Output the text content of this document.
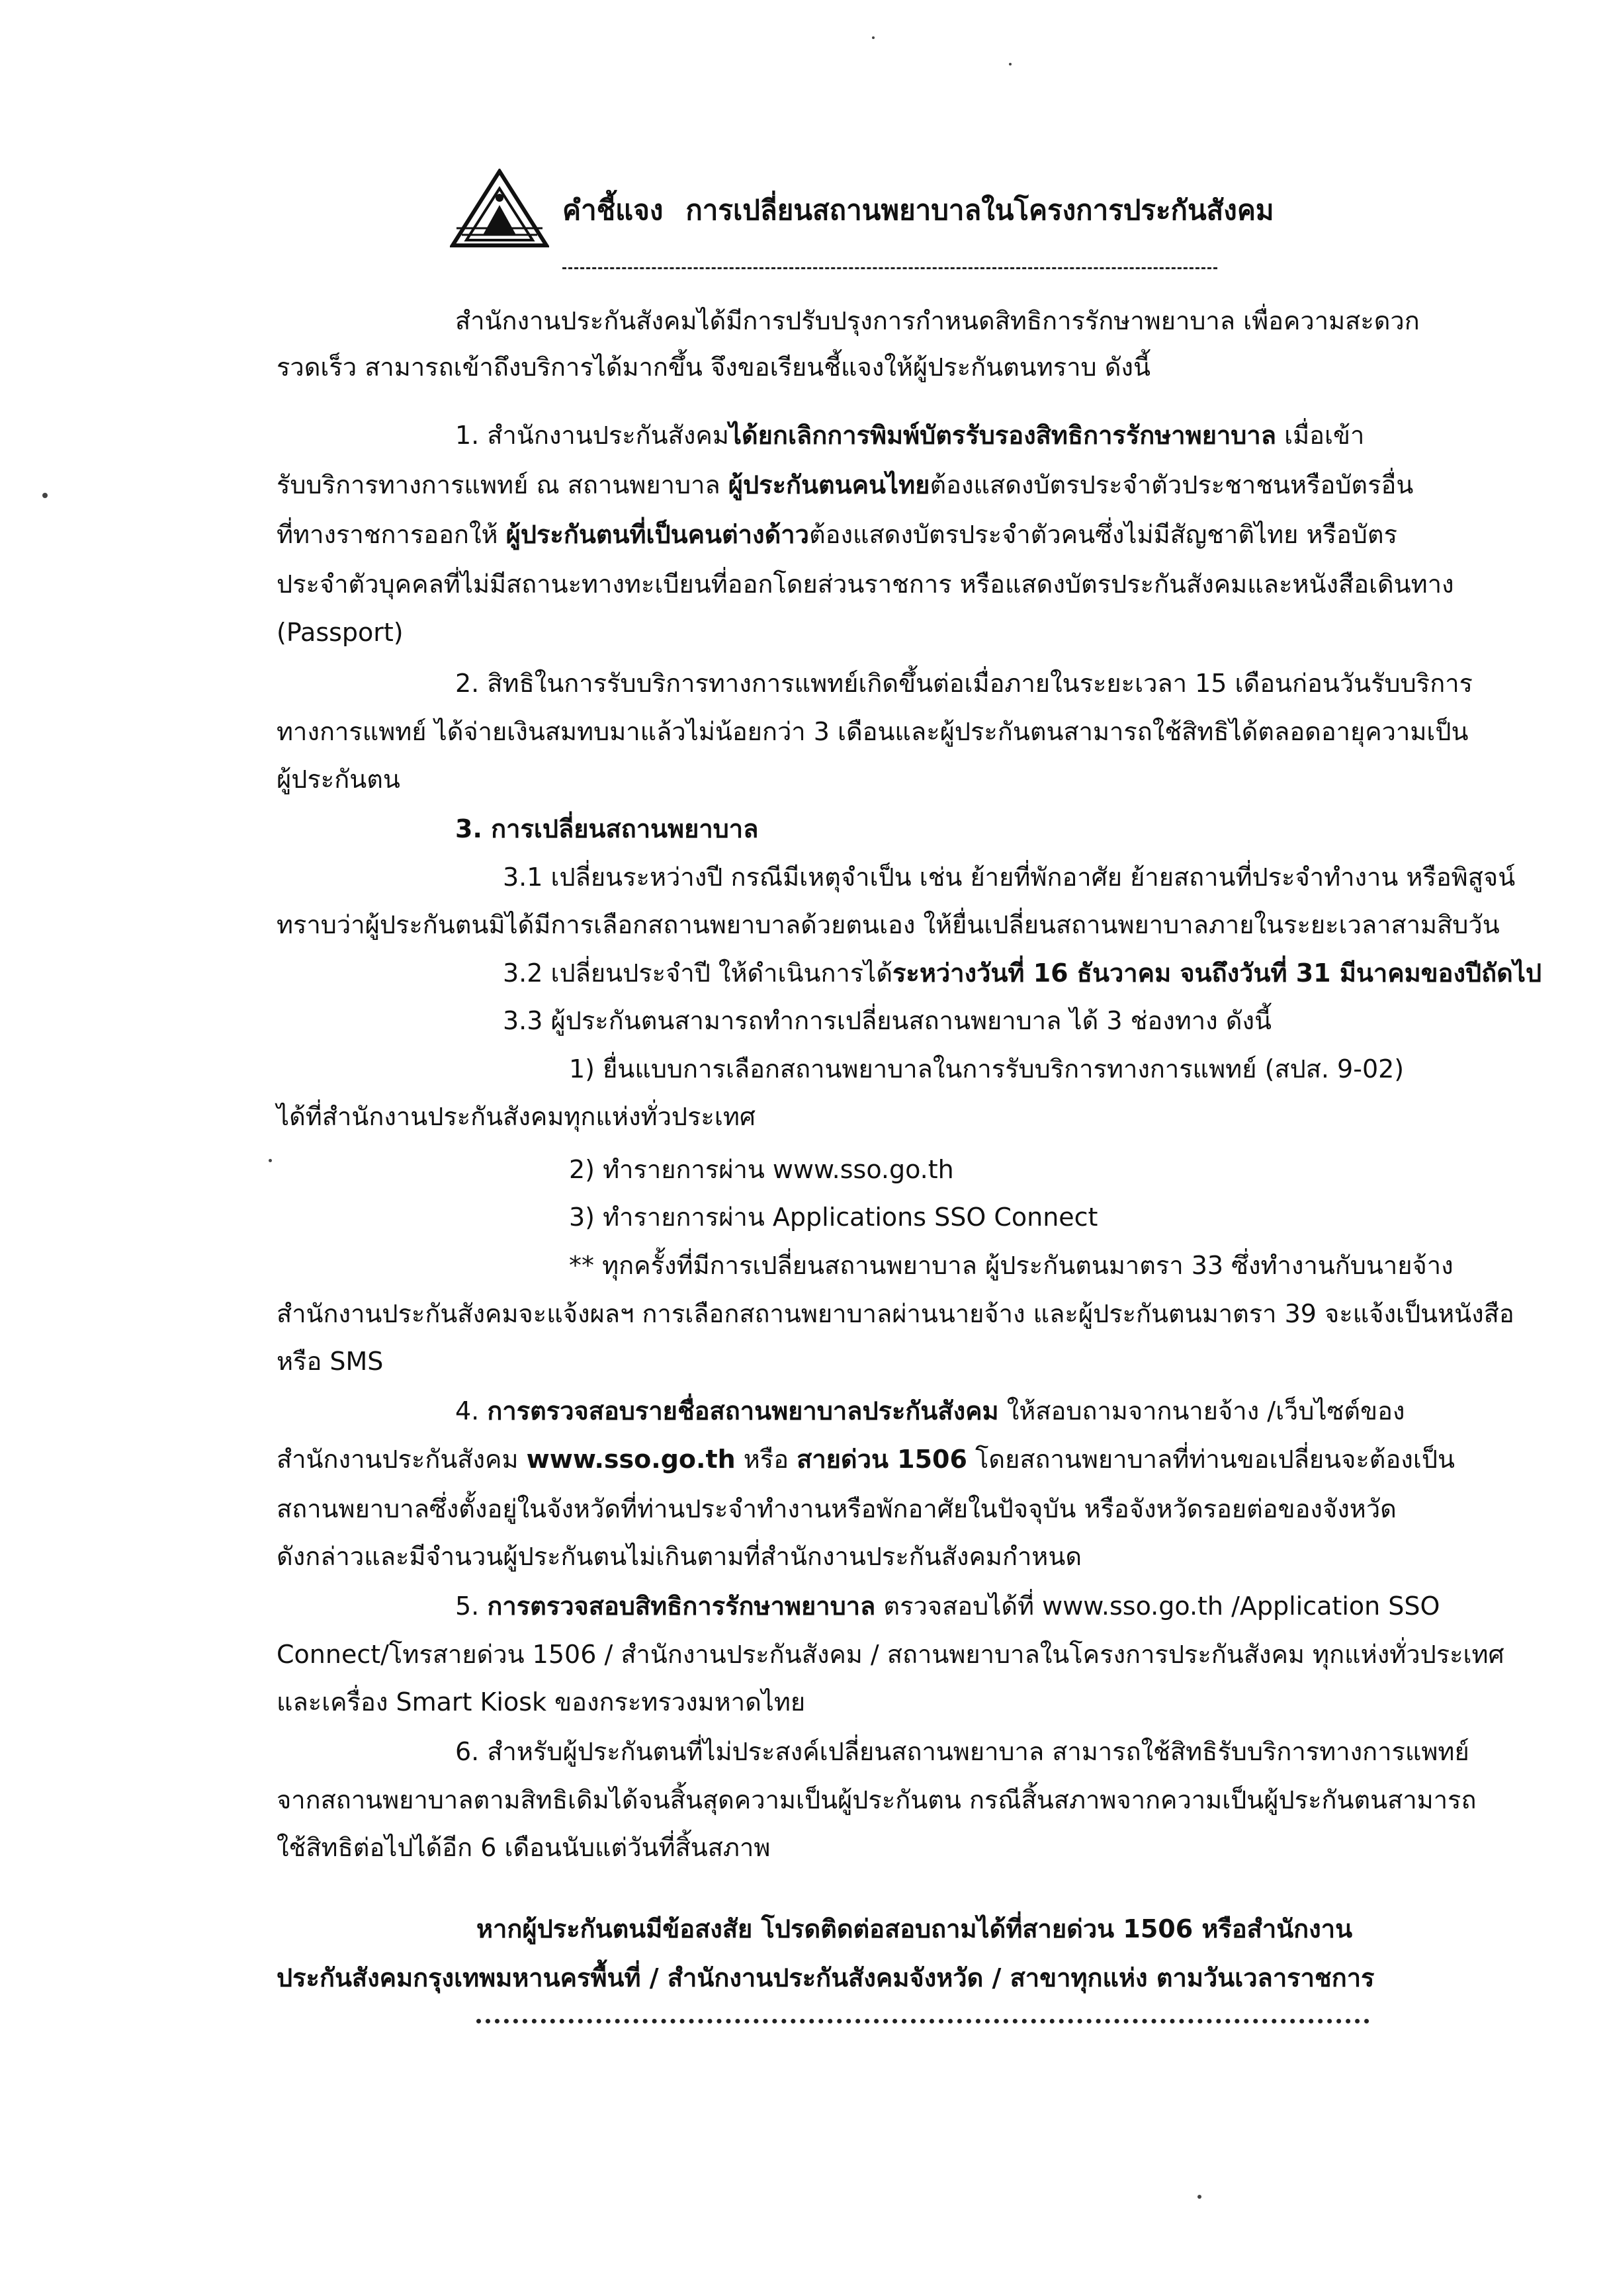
คำชี้แจง การเปลี่ยนสถานพยาบาลในโครงการประกันสังคม
สำนักงานประกันสังคมได้มีการปรับปรุงการกำหนดสิทธิการรักษาพยาบาล เพื่อความสะดวก
รวดเร็ว สามารถเข้าถึงบริการได้มากขึ้น จึงขอเรียนชี้แจงให้ผู้ประกันตนทราบ ดังนี้
1. สำนักงานประกันสังคมได้ยกเลิกการพิมพ์บัตรรับรองสิทธิการรักษาพยาบาล เมื่อเข้า
รับบริการทางการแพทย์ ณ สถานพยาบาล ผู้ประกันตนคนไทยต้องแสดงบัตรประจำตัวประชาชนหรือบัตรอื่น
ที่ทางราชการออกให้ ผู้ประกันตนที่เป็นคนต่างด้าวต้องแสดงบัตรประจำตัวคนซึ่งไม่มีสัญชาติไทย หรือบัตร
ประจำตัวบุคคลที่ไม่มีสถานะทางทะเบียนที่ออกโดยส่วนราชการ หรือแสดงบัตรประกันสังคมและหนังสือเดินทาง
(Passport)
2. สิทธิในการรับบริการทางการแพทย์เกิดขึ้นต่อเมื่อภายในระยะเวลา 15 เดือนก่อนวันรับบริการ
ทางการแพทย์ ได้จ่ายเงินสมทบมาแล้วไม่น้อยกว่า 3 เดือนและผู้ประกันตนสามารถใช้สิทธิได้ตลอดอายุความเป็น
ผู้ประกันตน
3. การเปลี่ยนสถานพยาบาล
3.1 เปลี่ยนระหว่างปี กรณีมีเหตุจำเป็น เช่น ย้ายที่พักอาศัย ย้ายสถานที่ประจำทำงาน หรือพิสูจน์
ทราบว่าผู้ประกันตนมิได้มีการเลือกสถานพยาบาลด้วยตนเอง ให้ยื่นเปลี่ยนสถานพยาบาลภายในระยะเวลาสามสิบวัน
3.2 เปลี่ยนประจำปี ให้ดำเนินการได้ระหว่างวันที่ 16 ธันวาคม จนถึงวันที่ 31 มีนาคมของปีถัดไป
3.3 ผู้ประกันตนสามารถทำการเปลี่ยนสถานพยาบาล ได้ 3 ช่องทาง ดังนี้
1) ยื่นแบบการเลือกสถานพยาบาลในการรับบริการทางการแพทย์ (สปส. 9-02)
ได้ที่สำนักงานประกันสังคมทุกแห่งทั่วประเทศ
2) ทำรายการผ่าน www.sso.go.th
3) ทำรายการผ่าน Applications SSO Connect
** ทุกครั้งที่มีการเปลี่ยนสถานพยาบาล ผู้ประกันตนมาตรา 33 ซึ่งทำงานกับนายจ้าง
สำนักงานประกันสังคมจะแจ้งผลฯ การเลือกสถานพยาบาลผ่านนายจ้าง และผู้ประกันตนมาตรา 39 จะแจ้งเป็นหนังสือ
หรือ SMS
4. การตรวจสอบรายชื่อสถานพยาบาลประกันสังคม ให้สอบถามจากนายจ้าง /เว็บไซต์ของ
สำนักงานประกันสังคม www.sso.go.th หรือ สายด่วน 1506 โดยสถานพยาบาลที่ท่านขอเปลี่ยนจะต้องเป็น
สถานพยาบาลซึ่งตั้งอยู่ในจังหวัดที่ท่านประจำทำงานหรือพักอาศัยในปัจจุบัน หรือจังหวัดรอยต่อของจังหวัด
ดังกล่าวและมีจำนวนผู้ประกันตนไม่เกินตามที่สำนักงานประกันสังคมกำหนด
5. การตรวจสอบสิทธิการรักษาพยาบาล ตรวจสอบได้ที่ www.sso.go.th /Application SSO
Connect/โทรสายด่วน 1506 / สำนักงานประกันสังคม / สถานพยาบาลในโครงการประกันสังคม ทุกแห่งทั่วประเทศ
และเครื่อง Smart Kiosk ของกระทรวงมหาดไทย
6. สำหรับผู้ประกันตนที่ไม่ประสงค์เปลี่ยนสถานพยาบาล สามารถใช้สิทธิรับบริการทางการแพทย์
จากสถานพยาบาลตามสิทธิเดิมได้จนสิ้นสุดความเป็นผู้ประกันตน กรณีสิ้นสภาพจากความเป็นผู้ประกันตนสามารถ
ใช้สิทธิต่อไปได้อีก 6 เดือนนับแต่วันที่สิ้นสภาพ
หากผู้ประกันตนมีข้อสงสัย โปรดติดต่อสอบถามได้ที่สายด่วน 1506 หรือสำนักงาน
ประกันสังคมกรุงเทพมหานครพื้นที่ / สำนักงานประกันสังคมจังหวัด / สาขาทุกแห่ง ตามวันเวลาราชการ
